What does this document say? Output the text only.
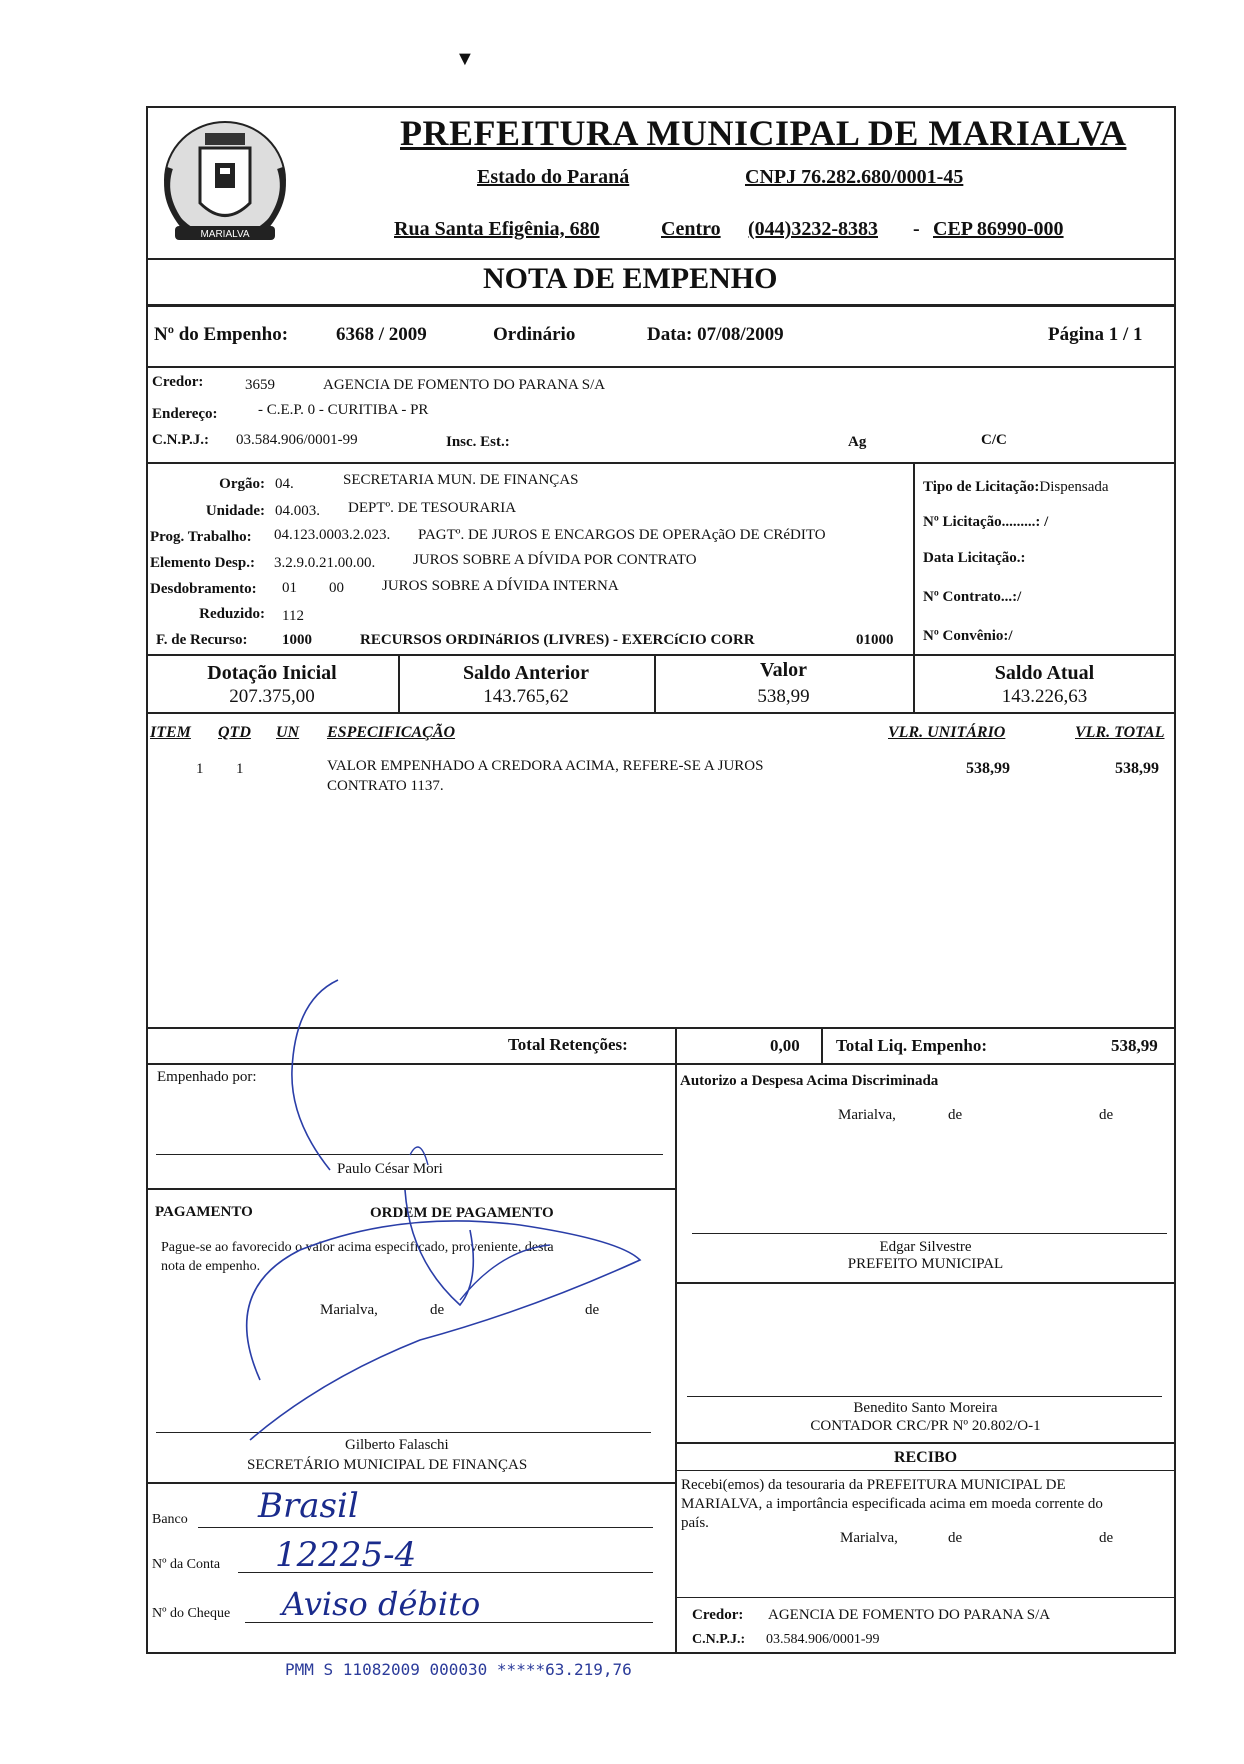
MARIALVA
PREFEITURA MUNICIPAL DE MARIALVA
Estado do Paraná	CNPJ 76.282.680/0001-45
Rua Santa Efigênia, 680	Centro (044)3232-8383 - CEP 86990-000
NOTA DE EMPENHO
Nº do Empenho:	6368 / 2009	Ordinário	Data: 07/08/2009	Página 1 / 1
Credor:	3659	AGENCIA DE FOMENTO DO PARANA S/A
Endereço:	- C.E.P. 0 - CURITIBA - PR
C.N.P.J.: 03.584.906/0001-99	Insc. Est.:	Ag	C/C
Orgão: 04.	SECRETARIA MUN. DE FINANÇAS
Unidade: 04.003. DEPTº. DE TESOURARIA
Prog. Trabalho: 04.123.0003.2.023. PAGTº. DE JUROS E ENCARGOS DE OPERAçãO DE CRéDITO
Elemento Desp.: 3.2.9.0.21.00.00.	JUROS SOBRE A DÍVIDA POR CONTRATO
Desdobramento: 01 00	JUROS SOBRE A DÍVIDA INTERNA
Reduzido: 112
F. de Recurso: 1000	RECURSOS ORDINáRIOS (LIVRES) - EXERCíCIO CORR	01000
Tipo de Licitação:Dispensada
Nº Licitação.........: /
Data Licitação.:
Nº Contrato...:/
Nº Convênio:/
Dotação Inicial
207.375,00
Saldo Anterior
143.765,62
Valor
538,99
Saldo Atual
143.226,63
ITEM QTD UN ESPECIFICAÇÃO	VLR. UNITÁRIO	VLR. TOTAL
1 1	VALOR EMPENHADO A CREDORA ACIMA, REFERE-SE A JUROS
CONTRATO 1137.
538,99	538,99
Total Retenções:	0,00 Total Liq. Empenho:	538,99
Empenhado por:
Paulo César Mori
Autorizo a Despesa Acima Discriminada
Marialva,	de	de
Edgar Silvestre
PREFEITO MUNICIPAL
PAGAMENTO	ORDEM DE PAGAMENTO
Pague-se ao favorecido o valor acima especificado, proveniente, desta
nota de empenho.
Marialva,	de	de
Gilberto Falaschi
SECRETÁRIO MUNICIPAL DE FINANÇAS
Benedito Santo Moreira
CONTADOR CRC/PR Nº 20.802/O-1
RECIBO
Recebi(emos) da tesouraria da PREFEITURA MUNICIPAL DE
MARIALVA, a importância especificada acima em moeda corrente do
país.
Marialva,	de	de
Credor: AGENCIA DE FOMENTO DO PARANA S/A
C.N.P.J.: 03.584.906/0001-99
Banco Brasil
Nº da Conta 12225-4
Nº do Cheque Aviso débito
PMM S 11082009 000030 *****63.219,76
▼
